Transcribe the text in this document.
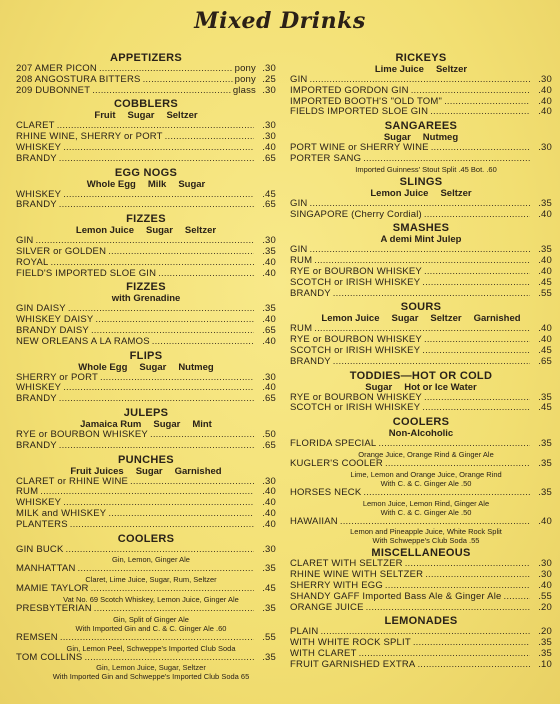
Mixed Drinks
APPETIZERS
207 AMER PICON .....	pony .30
208 ANGOSTURA BITTERS .....	pony .25
209 DUBONNET .....	glass .30
COBBLERS
Fruit Sugar Seltzer
CLARET .....	.30
RHINE WINE, SHERRY or PORT .....	.30
WHISKEY .....	.40
BRANDY .....	.65
EGG NOGS
Whole Egg Milk Sugar
WHISKEY .....	.45
BRANDY .....	.65
FIZZES
Lemon Juice Sugar Seltzer
GIN .....	.30
SILVER or GOLDEN .....	.35
ROYAL .....	.40
FIELD'S IMPORTED SLOE GIN .....	.40
FIZZES
with Grenadine
GIN DAISY .....	.35
WHISKEY DAISY .....	.40
BRANDY DAISY .....	.65
NEW ORLEANS A LA RAMOS .....	.40
FLIPS
Whole Egg Sugar Nutmeg
SHERRY or PORT .....	.30
WHISKEY .....	.40
BRANDY .....	.65
JULEPS
Jamaica Rum Sugar Mint
RYE or BOURBON WHISKEY .....	.50
BRANDY .....	.65
PUNCHES
Fruit Juices Sugar Garnished
CLARET or RHINE WINE .....	.30
RUM .....	.40
WHISKEY .....	.40
MILK and WHISKEY .....	.40
PLANTERS .....	.40
COOLERS
GIN BUCK .....	.30
Gin, Lemon, Ginger Ale
MANHATTAN .....	.35
Claret, Lime Juice, Sugar, Rum, Seltzer
MAMIE TAYLOR .....	.45
Vat No. 69 Scotch Whiskey, Lemon Juice, Ginger Ale
PRESBYTERIAN .....	.35
Gin, Split of Ginger Ale
With Imported Gin and C. & C. Ginger Ale .60
REMSEN .....	.55
Gin, Lemon Peel, Schweppe's Imported Club Soda
TOM COLLINS .....	.35
Gin, Lemon Juice, Sugar, Seltzer
With Imported Gin and Schweppe's Imported Club Soda 65
RICKEYS
Lime Juice Seltzer
GIN .....	.30
IMPORTED GORDON GIN .....	.40
IMPORTED BOOTH'S "OLD TOM" .....	.40
FIELDS IMPORTED SLOE GIN .....	.40
SANGAREES
Sugar Nutmeg
PORT WINE or SHERRY WINE .....	.30
PORTER SANG
.....
Imported Guinness' Stout Split .45 Bot. .60
SLINGS
Lemon Juice Seltzer
GIN .....	.35
SINGAPORE (Cherry Cordial) .....	.40
SMASHES
A demi Mint Julep
GIN .....	.35
RUM .....	.40
RYE or BOURBON WHISKEY .....	.40
SCOTCH or IRISH WHISKEY .....	.45
BRANDY .....	.55
SOURS
Lemon Juice Sugar Seltzer Garnished
RUM .....	.40
RYE or BOURBON WHISKEY .....	.40
SCOTCH or IRISH WHISKEY .....	.45
BRANDY .....	.65
TODDIES—HOT OR COLD
Sugar Hot or Ice Water
RYE or BOURBON WHISKEY .....	.35
SCOTCH or IRISH WHISKEY .....	.45
COOLERS
Non-Alcoholic
FLORIDA SPECIAL .....	.35
Orange Juice, Orange Rind & Ginger Ale
KUGLER'S COOLER .....	.35
Lime, Lemon and Orange Juice, Orange Rind
With C. & C. Ginger Ale .50
HORSES NECK .....	.35
Lemon Juice, Lemon Rind, Ginger Ale
With C. & C. Ginger Ale .50
HAWAIIAN .....	.40
Lemon and Pineapple Juice, White Rock Split
With Schweppe's Club Soda .55
MISCELLANEOUS
CLARET WITH SELTZER .....	.30
RHINE WINE WITH SELTZER .....	.30
SHERRY WITH EGG .....	.40
SHANDY GAFF Imported Bass Ale & Ginger Ale .....	.55
ORANGE JUICE .....	.20
LEMONADES
PLAIN .....	.20
WITH WHITE ROCK SPLIT .....	.35
WITH CLARET .....	.35
FRUIT GARNISHED EXTRA .....	.10
